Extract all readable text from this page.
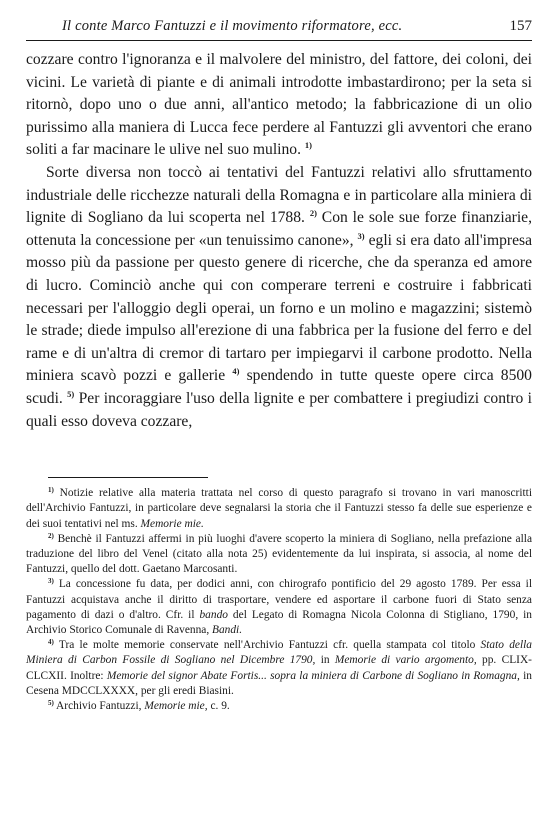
Il conte Marco Fantuzzi e il movimento riformatore, ecc.	157

cozzare contro l'ignoranza e il malvolere del ministro, del fattore, dei coloni, dei vicini. Le varietà di piante e di animali introdotte imbastardirono; per la seta si ritornò, dopo uno o due anni, all'antico metodo; la fabbricazione di un olio purissimo alla maniera di Lucca fece perdere al Fantuzzi gli avventori che erano soliti a far macinare le ulive nel suo mulino. $^{1)}$

Sorte diversa non toccò ai tentativi del Fantuzzi relativi allo sfruttamento industriale delle ricchezze naturali della Romagna e in particolare alla miniera di lignite di Sogliano da lui scoperta nel 1788. $^{2)}$ Con le sole sue forze finanziarie, ottenuta la concessione per «un tenuissimo canone», $^{3)}$ egli si era dato all'impresa mosso più da passione per questo genere di ricerche, che da speranza ed amore di lucro. Cominciò anche qui con comperare terreni e costruire i fabbricati necessari per l'alloggio degli operai, un forno e un molino e magazzini; sistemò le strade; diede impulso all'erezione di una fabbrica per la fusione del ferro e del rame e di un'altra di cremor di tartaro per impiegarvi il carbone prodotto. Nella miniera scavò pozzi e gallerie $^{4)}$ spendendo in tutte queste opere circa 8500 scudi. $^{5)}$ Per incoraggiare l'uso della lignite e per combattere i pregiudizi contro i quali esso doveva cozzare,

$^{1)}$ Notizie relative alla materia trattata nel corso di questo paragrafo si trovano in vari manoscritti dell'Archivio Fantuzzi, in particolare deve segnalarsi la storia che il Fantuzzi stesso fa delle sue esperienze e dei suoi tentativi nel ms. Memorie mie.

$^{2)}$ Benchè il Fantuzzi affermi in più luoghi d'avere scoperto la miniera di Sogliano, nella prefazione alla traduzione del libro del Venel (citato alla nota 25) evidentemente da lui inspirata, si associa, al nome del Fantuzzi, quello del dott. Gaetano Marcosanti.

$^{3)}$ La concessione fu data, per dodici anni, con chirografo pontificio del 29 agosto 1789. Per essa il Fantuzzi acquistava anche il diritto di trasportare, vendere ed asportare il carbone fuori di Stato senza pagamento di dazi o d'altro. Cfr. il bando del Legato di Romagna Nicola Colonna di Stigliano, 1790, in Archivio Storico Comunale di Ravenna, Bandi.

$^{4)}$ Tra le molte memorie conservate nell'Archivio Fantuzzi cfr. quella stampata col titolo Stato della Miniera di Carbon Fossile di Sogliano nel Dicembre 1790, in Memorie di vario argomento, pp. CLIX-CLCXII. Inoltre: Memorie del signor Abate Fortis... sopra la miniera di Carbone di Sogliano in Romagna, in Cesena MDCCLXXXX, per gli eredi Biasini.

$^{5)}$ Archivio Fantuzzi, Memorie mie, c. 9.
